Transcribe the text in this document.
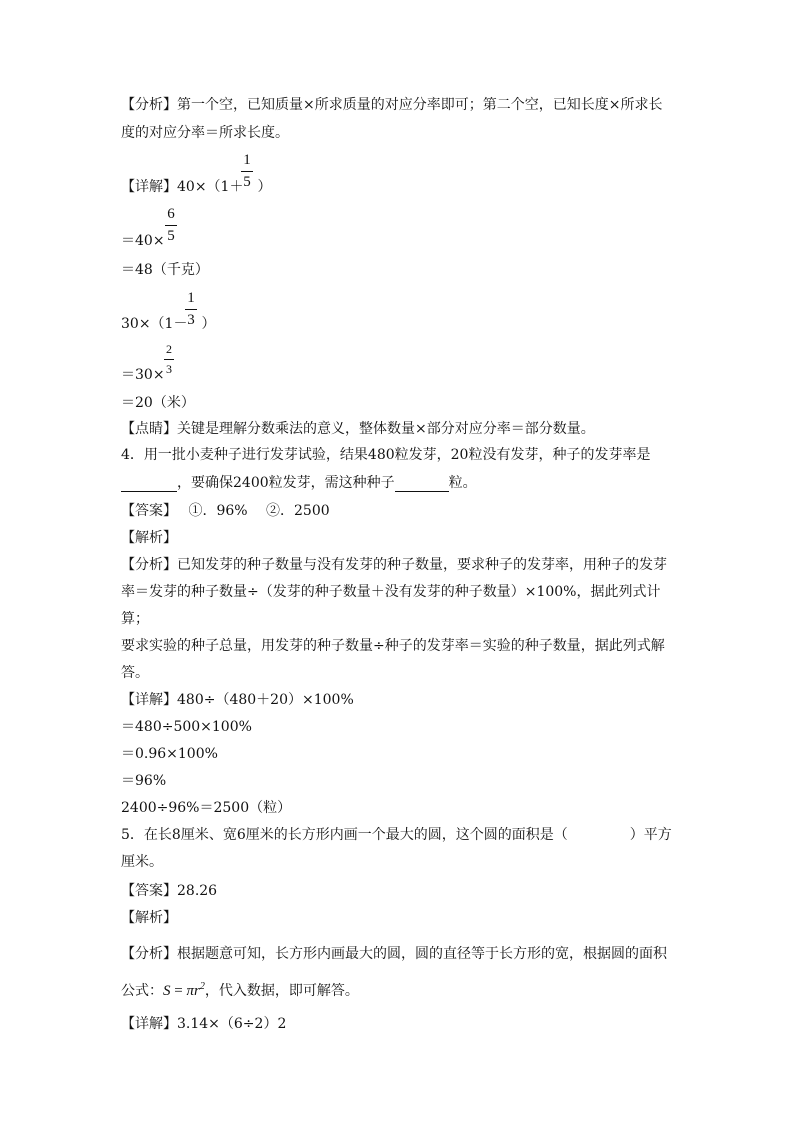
【分析】第一个空，已知质量×所求质量的对应分率即可；第二个空，已知长度×所求长
度的对应分率＝所求长度。
【详解】40×（1＋ ）
1
5
＝40×
6
5
＝48（千克）
30×（1－ ）
1
3
＝30×
2
3
＝20（米）
【点睛】关键是理解分数乘法的意义，整体数量×部分对应分率＝部分数量。
4．用一批小麦种子进行发芽试验，结果480粒发芽，20粒没有发芽，种子的发芽率是
，要确保2400粒发芽，需这种种子	粒。
【答案】　 ①．96%　 ②．2500
【解析】
【分析】已知发芽的种子数量与没有发芽的种子数量，要求种子的发芽率，用种子的发芽
率＝发芽的种子数量÷（发芽的种子数量＋没有发芽的种子数量）×100%，据此列式计
算；
要求实验的种子总量，用发芽的种子数量÷种子的发芽率＝实验的种子数量，据此列式解
答。
【详解】480÷（480＋20）×100%
＝480÷500×100%
＝0.96×100%
＝96%
2400÷96%＝2500（粒）
5．在长8厘米、宽6厘米的长方形内画一个最大的圆，这个圆的面积是（	）平方
厘米。
【答案】28.26
【解析】
【分析】根据题意可知，长方形内画最大的圆，圆的直径等于长方形的宽，根据圆的面积
公式：$S = \pi r^2$，代入数据，即可解答。
【详解】3.14×（6÷2）2
